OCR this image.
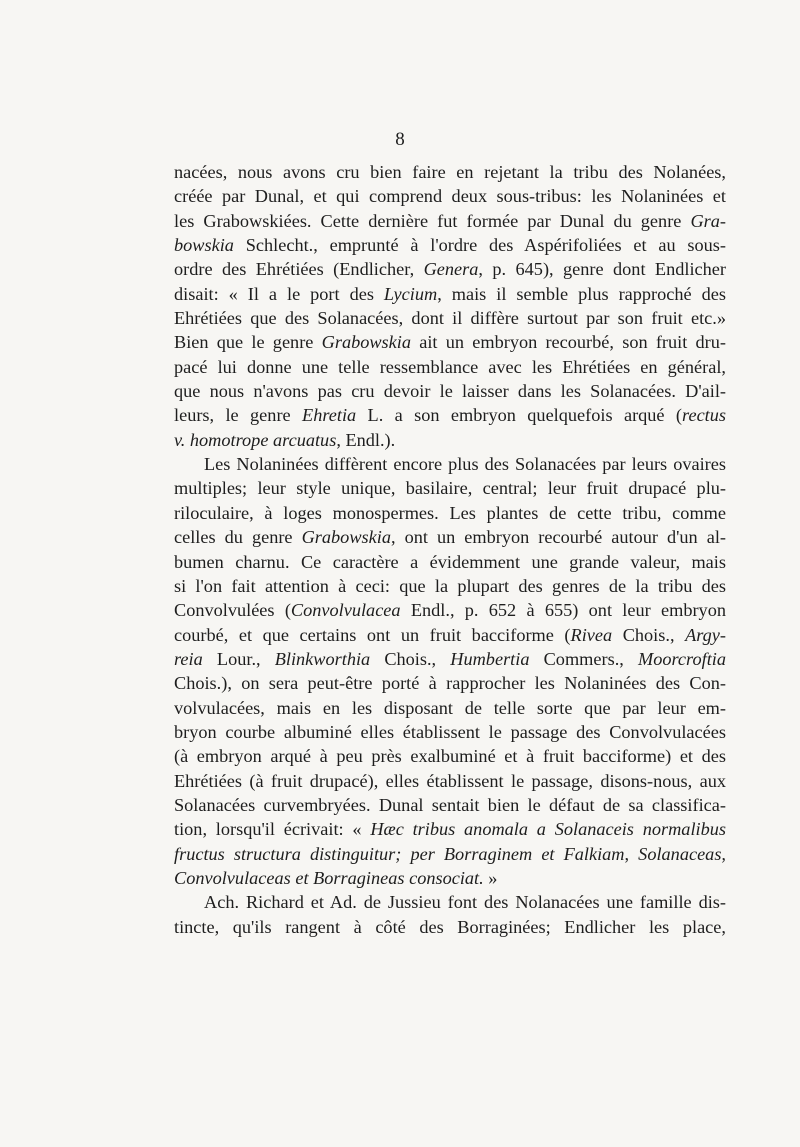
8
nacées, nous avons cru bien faire en rejetant la tribu des Nolanées,
créée par Dunal, et qui comprend deux sous-tribus: les Nolaninées et
les Grabowskiées. Cette dernière fut formée par Dunal du genre Gra-
bowskia Schlecht., emprunté à l'ordre des Aspérifoliées et au sous-
ordre des Ehrétiées (Endlicher, Genera, p. 645), genre dont Endlicher
disait: « Il a le port des Lycium, mais il semble plus rapproché des
Ehrétiées que des Solanacées, dont il diffère surtout par son fruit etc.»
Bien que le genre Grabowskia ait un embryon recourbé, son fruit dru-
pacé lui donne une telle ressemblance avec les Ehrétiées en général,
que nous n'avons pas cru devoir le laisser dans les Solanacées. D'ail-
leurs, le genre Ehretia L. a son embryon quelquefois arqué (rectus
v. homotrope arcuatus, Endl.).
Les Nolaninées diffèrent encore plus des Solanacées par leurs ovaires
multiples; leur style unique, basilaire, central; leur fruit drupacé plu-
riloculaire, à loges monospermes. Les plantes de cette tribu, comme
celles du genre Grabowskia, ont un embryon recourbé autour d'un al-
bumen charnu. Ce caractère a évidemment une grande valeur, mais
si l'on fait attention à ceci: que la plupart des genres de la tribu des
Convolvulées (Convolvulacea Endl., p. 652 à 655) ont leur embryon
courbé, et que certains ont un fruit bacciforme (Rivea Chois., Argy-
reia Lour., Blinkworthia Chois., Humbertia Commers., Moorcroftia
Chois.), on sera peut-être porté à rapprocher les Nolaninées des Con-
volvulacées, mais en les disposant de telle sorte que par leur em-
bryon courbe albuminé elles établissent le passage des Convolvulacées
(à embryon arqué à peu près exalbuminé et à fruit bacciforme) et des
Ehrétiées (à fruit drupacé), elles établissent le passage, disons-nous, aux
Solanacées curvembryées. Dunal sentait bien le défaut de sa classifica-
tion, lorsqu'il écrivait: « Hæc tribus anomala a Solanaceis normalibus
fructus structura distinguitur; per Borraginem et Falkiam, Solanaceas,
Convolvulaceas et Borragineas consociat. »
Ach. Richard et Ad. de Jussieu font des Nolanacées une famille dis-
tincte, qu'ils rangent à côté des Borraginées; Endlicher les place,
